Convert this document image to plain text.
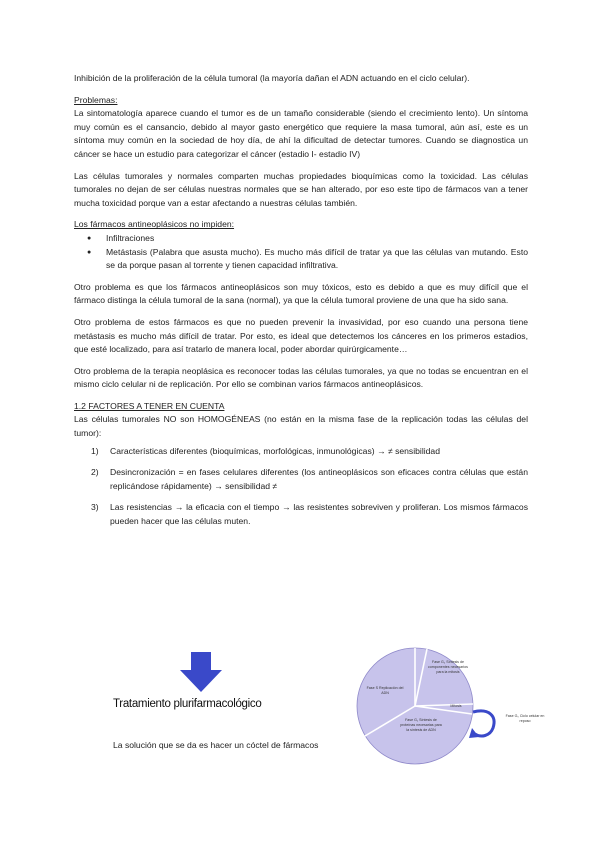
Inhibición de la proliferación de la célula tumoral (la mayoría dañan el ADN actuando en el ciclo celular).

Problemas:

La sintomatología aparece cuando el tumor es de un tamaño considerable (siendo el crecimiento lento). Un síntoma muy común es el cansancio, debido al mayor gasto energético que requiere la masa tumoral, aún así, este es un síntoma muy común en la sociedad de hoy día, de ahí la dificultad de detectar tumores. Cuando se diagnostica un cáncer se hace un estudio para categorizar el cáncer (estadio I- estadio IV)

Las células tumorales y normales comparten muchas propiedades bioquímicas como la toxicidad. Las células tumorales no dejan de ser células nuestras normales que se han alterado, por eso este tipo de fármacos van a tener mucha toxicidad porque van a estar afectando a nuestras células también.

Los fármacos antineoplásicos no impiden:

● Infiltraciones
● Metástasis (Palabra que asusta mucho). Es mucho más difícil de tratar ya que las células van mutando. Esto se da porque pasan al torrente y tienen capacidad infiltrativa.

Otro problema es que los fármacos antineoplásicos son muy tóxicos, esto es debido a que es muy difícil que el fármaco distinga la célula tumoral de la sana (normal), ya que la célula tumoral proviene de una que ha sido sana.

Otro problema de estos fármacos es que no pueden prevenir la invasividad, por eso cuando una persona tiene metástasis es mucho más difícil de tratar. Por esto, es ideal que detectemos los cánceres en los primeros estadios, que esté localizado, para así tratarlo de manera local, poder abordar quirúrgicamente…

Otro problema de la terapia neoplásica es reconocer todas las células tumorales, ya que no todas se encuentran en el mismo ciclo celular ni de replicación. Por ello se combinan varios fármacos antineoplásicos.

1.2 FACTORES A TENER EN CUENTA

Las células tumorales NO son HOMOGÉNEAS (no están en la misma fase de la replicación todas las células del tumor):

1) Características diferentes (bioquímicas, morfológicas, inmunológicas) → ≠ sensibilidad
2) Desincronización = en fases celulares diferentes (los antineoplásicos son eficaces contra células que están replicándose rápidamente) → sensibilidad ≠
3) Las resistencias → la eficacia con el tiempo → las resistentes sobreviven y proliferan. Los mismos fármacos pueden hacer que las células muten.
Tratamiento plurifarmacológico
La solución que se da es hacer un cóctel de fármacos
Fase G₂ Síntesis de componentes necesarios para la mitosis
Mitosis
Fase G₁ Síntesis de proteínas necesarias para la síntesis de ADN
Fase S Replicación del ADN
Fase G₀ Ciclo celular en reposo
